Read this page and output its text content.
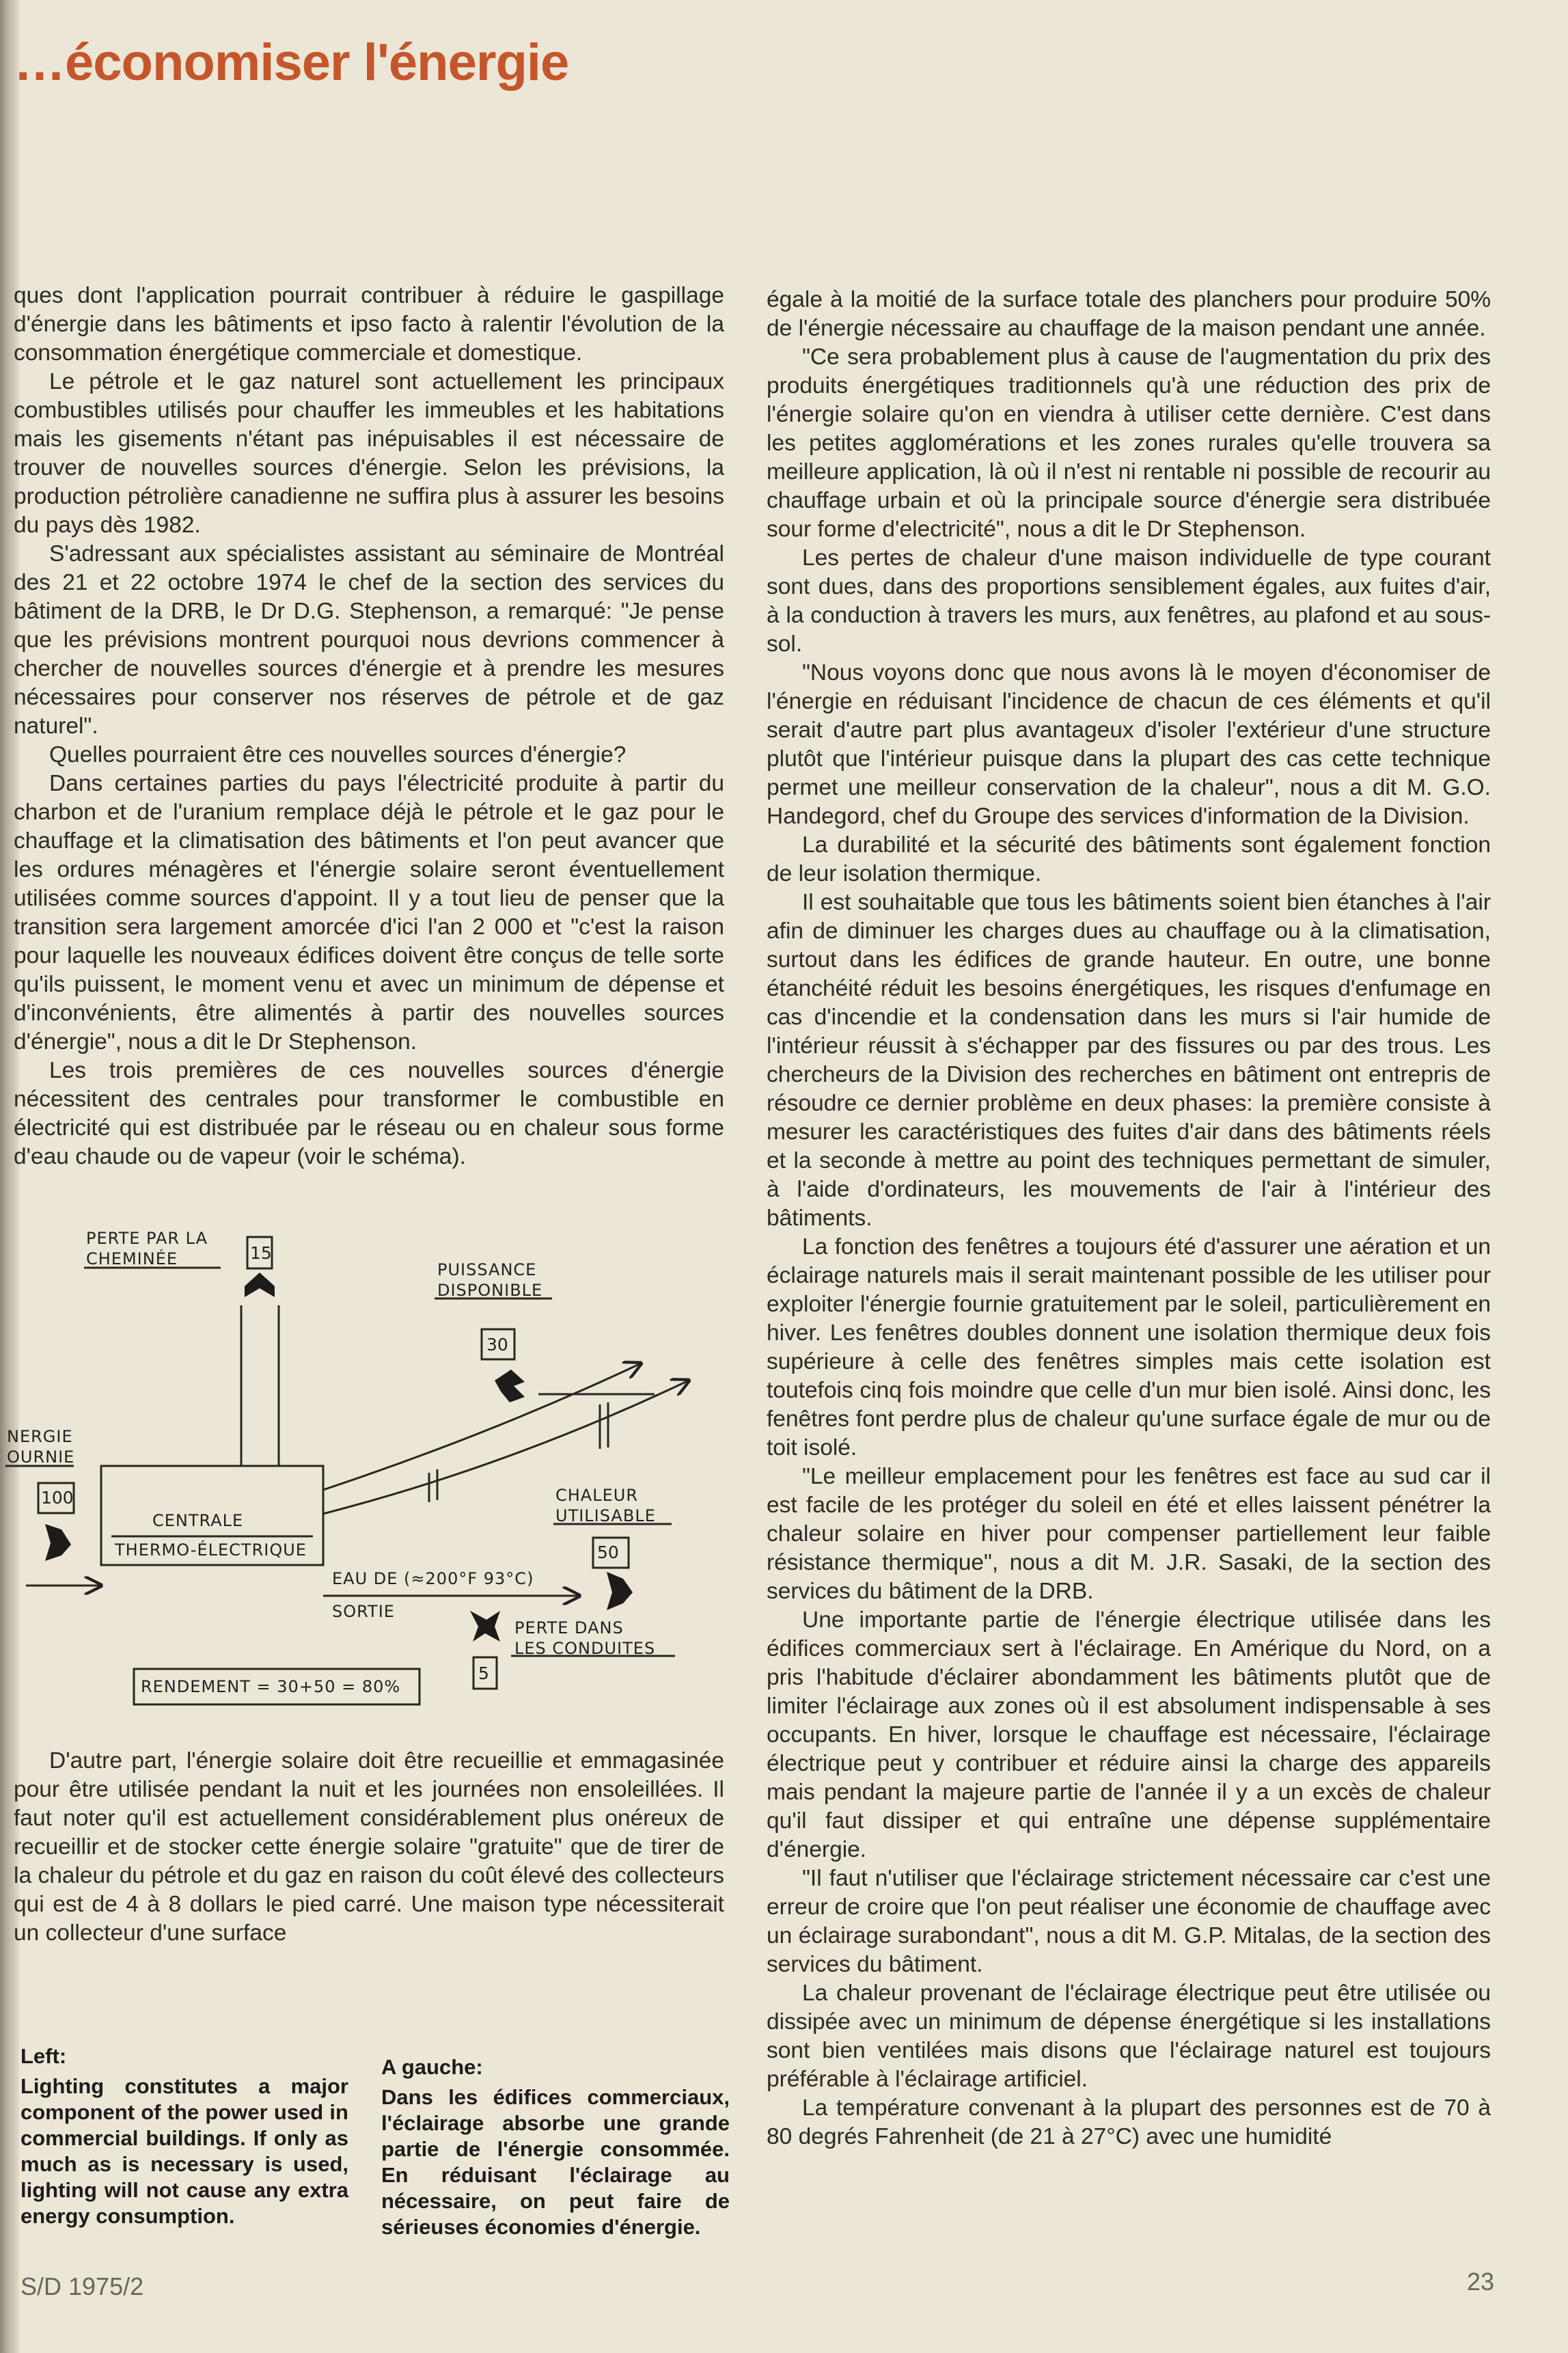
…économiser l'énergie

ques dont l'application pourrait contribuer à réduire le gaspillage d'énergie dans les bâtiments et ipso facto à ralentir l'évolution de la consommation énergétique commerciale et domestique.

Le pétrole et le gaz naturel sont actuellement les principaux combustibles utilisés pour chauffer les immeubles et les habitations mais les gisements n'étant pas inépuisables il est nécessaire de trouver de nouvelles sources d'énergie. Selon les prévisions, la production pétrolière canadienne ne suffira plus à assurer les besoins du pays dès 1982.

S'adressant aux spécialistes assistant au séminaire de Montréal des 21 et 22 octobre 1974 le chef de la section des services du bâtiment de la DRB, le Dr D.G. Stephenson, a remarqué: "Je pense que les prévisions montrent pourquoi nous devrions commencer à chercher de nouvelles sources d'énergie et à prendre les mesures nécessaires pour conserver nos réserves de pétrole et de gaz naturel".

Quelles pourraient être ces nouvelles sources d'énergie?

Dans certaines parties du pays l'électricité produite à partir du charbon et de l'uranium remplace déjà le pétrole et le gaz pour le chauffage et la climatisation des bâtiments et l'on peut avancer que les ordures ménagères et l'énergie solaire seront éventuellement utilisées comme sources d'appoint. Il y a tout lieu de penser que la transition sera largement amorcée d'ici l'an 2 000 et "c'est la raison pour laquelle les nouveaux édifices doivent être conçus de telle sorte qu'ils puissent, le moment venu et avec un minimum de dépense et d'inconvénients, être alimentés à partir des nouvelles sources d'énergie", nous a dit le Dr Stephenson.

Les trois premières de ces nouvelles sources d'énergie nécessitent des centrales pour transformer le combustible en électricité qui est distribuée par le réseau ou en chaleur sous forme d'eau chaude ou de vapeur (voir le schéma).

PERTE PAR LA
CHEMINÉE	15
PUISSANCE
DISPONIBLE
30
NERGIE
OURNIE
100
CENTRALE
THERMO-ÉLECTRIQUE
CHALEUR
UTILISABLE
50
EAU DE (≈200°F 93°C)
SORTIE
PERTE DANS
LES CONDUITES
5
RENDEMENT = 30+50 = 80%

D'autre part, l'énergie solaire doit être recueillie et emmagasinée pour être utilisée pendant la nuit et les journées non ensoleillées. Il faut noter qu'il est actuellement considérablement plus onéreux de recueillir et de stocker cette énergie solaire "gratuite" que de tirer de la chaleur du pétrole et du gaz en raison du coût élevé des collecteurs qui est de 4 à 8 dollars le pied carré. Une maison type nécessiterait un collecteur d'une surface

égale à la moitié de la surface totale des planchers pour produire 50% de l'énergie nécessaire au chauffage de la maison pendant une année.

"Ce sera probablement plus à cause de l'augmentation du prix des produits énergétiques traditionnels qu'à une réduction des prix de l'énergie solaire qu'on en viendra à utiliser cette dernière. C'est dans les petites agglomérations et les zones rurales qu'elle trouvera sa meilleure application, là où il n'est ni rentable ni possible de recourir au chauffage urbain et où la principale source d'énergie sera distribuée sour forme d'electricité", nous a dit le Dr Stephenson.

Les pertes de chaleur d'une maison individuelle de type courant sont dues, dans des proportions sensiblement égales, aux fuites d'air, à la conduction à travers les murs, aux fenêtres, au plafond et au sous-sol.

"Nous voyons donc que nous avons là le moyen d'économiser de l'énergie en réduisant l'incidence de chacun de ces éléments et qu'il serait d'autre part plus avantageux d'isoler l'extérieur d'une structure plutôt que l'intérieur puisque dans la plupart des cas cette technique permet une meilleur conservation de la chaleur", nous a dit M. G.O. Handegord, chef du Groupe des services d'information de la Division.

La durabilité et la sécurité des bâtiments sont également fonction de leur isolation thermique.

Il est souhaitable que tous les bâtiments soient bien étanches à l'air afin de diminuer les charges dues au chauffage ou à la climatisation, surtout dans les édifices de grande hauteur. En outre, une bonne étanchéité réduit les besoins énergétiques, les risques d'enfumage en cas d'incendie et la condensation dans les murs si l'air humide de l'intérieur réussit à s'échapper par des fissures ou par des trous. Les chercheurs de la Division des recherches en bâtiment ont entrepris de résoudre ce dernier problème en deux phases: la première consiste à mesurer les caractéristiques des fuites d'air dans des bâtiments réels et la seconde à mettre au point des techniques permettant de simuler, à l'aide d'ordinateurs, les mouvements de l'air à l'intérieur des bâtiments.

La fonction des fenêtres a toujours été d'assurer une aération et un éclairage naturels mais il serait maintenant possible de les utiliser pour exploiter l'énergie fournie gratuitement par le soleil, particulièrement en hiver. Les fenêtres doubles donnent une isolation thermique deux fois supérieure à celle des fenêtres simples mais cette isolation est toutefois cinq fois moindre que celle d'un mur bien isolé. Ainsi donc, les fenêtres font perdre plus de chaleur qu'une surface égale de mur ou de toit isolé.

"Le meilleur emplacement pour les fenêtres est face au sud car il est facile de les protéger du soleil en été et elles laissent pénétrer la chaleur solaire en hiver pour compenser partiellement leur faible résistance thermique", nous a dit M. J.R. Sasaki, de la section des services du bâtiment de la DRB.

Une importante partie de l'énergie électrique utilisée dans les édifices commerciaux sert à l'éclairage. En Amérique du Nord, on a pris l'habitude d'éclairer abondamment les bâtiments plutôt que de limiter l'éclairage aux zones où il est absolument indispensable à ses occupants. En hiver, lorsque le chauffage est nécessaire, l'éclairage électrique peut y contribuer et réduire ainsi la charge des appareils mais pendant la majeure partie de l'année il y a un excès de chaleur qu'il faut dissiper et qui entraîne une dépense supplémentaire d'énergie.

"Il faut n'utiliser que l'éclairage strictement nécessaire car c'est une erreur de croire que l'on peut réaliser une économie de chauffage avec un éclairage surabondant", nous a dit M. G.P. Mitalas, de la section des services du bâtiment.

La chaleur provenant de l'éclairage électrique peut être utilisée ou dissipée avec un minimum de dépense énergétique si les installations sont bien ventilées mais disons que l'éclairage naturel est toujours préférable à l'éclairage artificiel.

La température convenant à la plupart des personnes est de 70 à 80 degrés Fahrenheit (de 21 à 27°C) avec une humidité

Left:
Lighting constitutes a major component of the power used in commercial buildings. If only as much as is necessary is used, lighting will not cause any extra energy consumption.
A gauche:
Dans les édifices commerciaux, l'éclairage absorbe une grande partie de l'énergie consommée. En réduisant l'éclairage au nécessaire, on peut faire de sérieuses économies d'énergie.
S/D 1975/2	23
